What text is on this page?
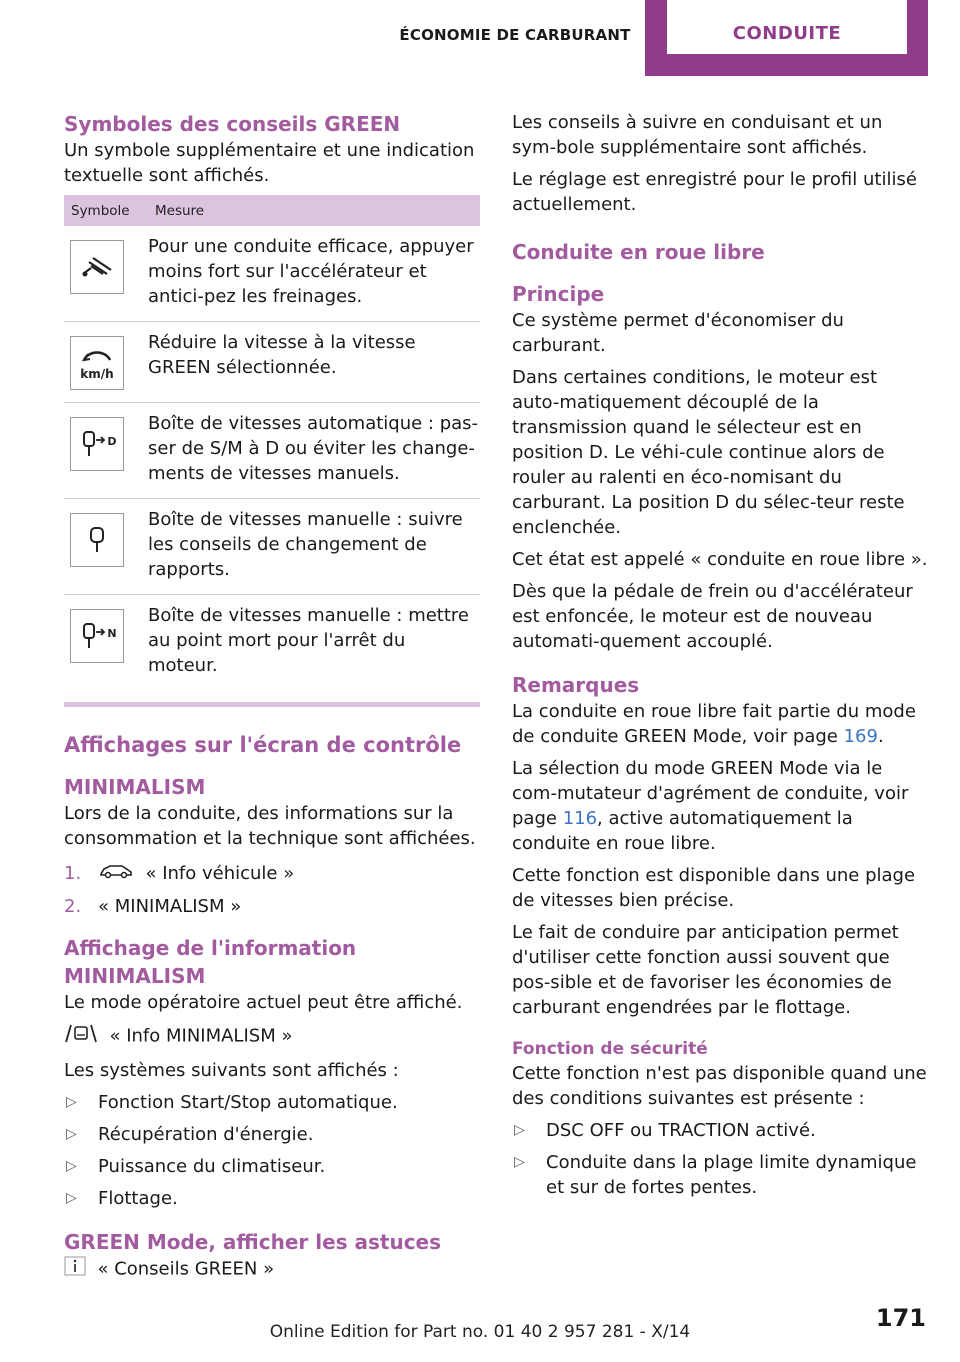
ÉCONOMIE DE CARBURANT	CONDUITE
Symboles des conseils GREEN

Un symbole supplémentaire et une indication textuelle sont affichés.

Symbole	Mesure

	Pour une conduite efficace, appuyer moins fort sur l'accélérateur et antici-pez les freinages.

km/h	Réduire la vitesse à la vitesse GREEN sélectionnée.

D	Boîte de vitesses automatique : pas-ser de S/M à D ou éviter les change-ments de vitesses manuels.

	Boîte de vitesses manuelle : suivre les conseils de changement de rapports.

N	Boîte de vitesses manuelle : mettre au point mort pour l'arrêt du moteur.
Affichages sur l'écran de contrôle
MINIMALISM

Lors de la conduite, des informations sur la consommation et la technique sont affichées.

1.	« Info véhicule »
2. « MINIMALISM »
Affichage de l'information MINIMALISM

Le mode opératoire actuel peut être affiché.

« Info MINIMALISM »

Les systèmes suivants sont affichés :

▷ Fonction Start/Stop automatique.
▷ Récupération d'énergie.
▷ Puissance du climatiseur.
▷ Flottage.
GREEN Mode, afficher les astuces

« Conseils GREEN »

Les conseils à suivre en conduisant et un sym-bole supplémentaire sont affichés.

Le réglage est enregistré pour le profil utilisé actuellement.

Conduite en roue libre
Principe

Ce système permet d'économiser du carburant.

Dans certaines conditions, le moteur est auto-matiquement découplé de la transmission quand le sélecteur est en position D. Le véhi-cule continue alors de rouler au ralenti en éco-nomisant du carburant. La position D du sélec-teur reste enclenchée.

Cet état est appelé « conduite en roue libre ».

Dès que la pédale de frein ou d'accélérateur est enfoncée, le moteur est de nouveau automati-quement accouplé.

Remarques

La conduite en roue libre fait partie du mode de conduite GREEN Mode, voir page 169.

La sélection du mode GREEN Mode via le com-mutateur d'agrément de conduite, voir page 116, active automatiquement la conduite en roue libre.

Cette fonction est disponible dans une plage de vitesses bien précise.

Le fait de conduire par anticipation permet d'utiliser cette fonction aussi souvent que pos-sible et de favoriser les économies de carburant engendrées par le flottage.

Fonction de sécurité

Cette fonction n'est pas disponible quand une des conditions suivantes est présente :

▷ DSC OFF ou TRACTION activé.
▷ Conduite dans la plage limite dynamique et sur de fortes pentes.
171
Online Edition for Part no. 01 40 2 957 281 - X/14
